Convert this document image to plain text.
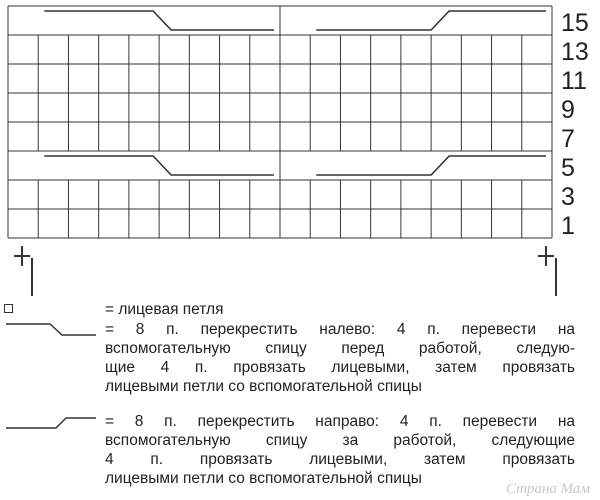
15
13
11
9
7
5
3
1
= лицевая петля
= 8 п. перекрестить налево: 4 п. перевести на
вспомогательную спицу перед работой, следую-
щие 4 п. провязать лицевыми, затем провязать
лицевыми петли со вспомогательной спицы
= 8 п. перекрестить направо: 4 п. перевести на
вспомогательную спицу за работой, следующие
4 п. провязать лицевыми, затем провязать
лицевыми петли со вспомогательной спицы
Страна Мам
